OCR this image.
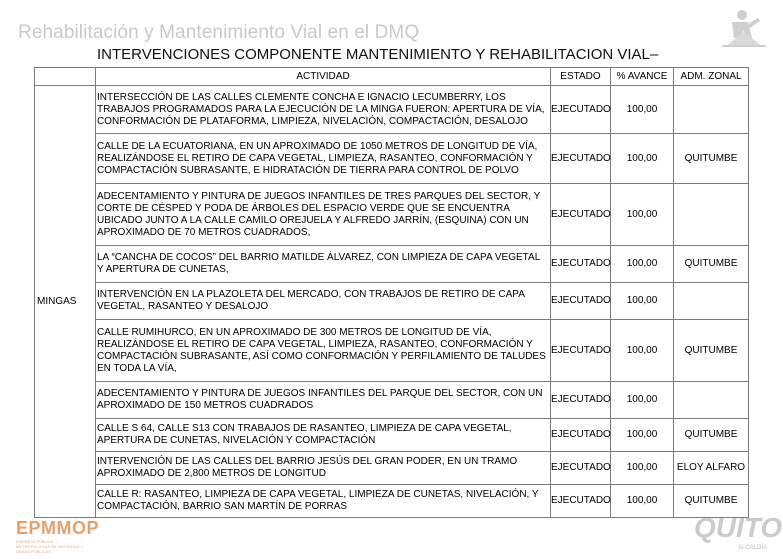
Rehabilitación y Mantenimiento Vial en el DMQ
INTERVENCIONES COMPONENTE MANTENIMIENTO Y REHABILITACION VIAL–
	ACTIVIDAD	ESTADO	% AVANCE	ADM. ZONAL
MINGAS	INTERSECCIÓN DE LAS CALLES CLEMENTE CONCHA E IGNACIO LECUMBERRY, LOS TRABAJOS PROGRAMADOS PARA LA EJECUCIÓN DE LA MINGA FUERON: APERTURA DE VÍA, CONFORMACIÓN DE PLATAFORMA, LIMPIEZA, NIVELACIÓN, COMPACTACIÓN, DESALOJO	EJECUTADO	100,00	
	CALLE DE LA ECUATORIANA, EN UN APROXIMADO DE 1050 METROS DE LONGITUD DE VÍA, REALIZÁNDOSE EL RETIRO DE CAPA VEGETAL, LIMPIEZA, RASANTEO, CONFORMACIÓN Y COMPACTACIÓN SUBRASANTE, E HIDRATACIÓN DE TIERRA PARA CONTROL DE POLVO	EJECUTADO	100,00	QUITUMBE
	ADECENTAMIENTO Y PINTURA DE JUEGOS INFANTILES DE TRES PARQUES DEL SECTOR, Y CORTE DE CÉSPED Y PODA DE ÁRBOLES DEL ESPACIO VERDE QUE SE ENCUENTRA UBICADO JUNTO A LA CALLE CAMILO OREJUELA Y ALFREDO JARRÍN, (ESQUINA) CON UN APROXIMADO DE 70 METROS CUADRADOS,	EJECUTADO	100,00	
	LA “CANCHA DE COCOS” DEL BARRIO MATILDE ÁLVAREZ, CON LIMPIEZA DE CAPA VEGETAL Y APERTURA DE CUNETAS,	EJECUTADO	100,00	QUITUMBE
	INTERVENCIÓN EN LA PLAZOLETA DEL MERCADO, CON TRABAJOS DE RETIRO DE CAPA VEGETAL, RASANTEO Y DESALOJO	EJECUTADO	100,00	
	CALLE RUMIHURCO, EN UN APROXIMADO DE 300 METROS DE LONGITUD DE VÍA, REALIZÁNDOSE EL RETIRO DE CAPA VEGETAL, LIMPIEZA, RASANTEO, CONFORMACIÓN Y COMPACTACIÓN SUBRASANTE, ASÍ COMO CONFORMACIÓN Y PERFILAMIENTO DE TALUDES EN TODA LA VÍA,	EJECUTADO	100,00	QUITUMBE
	ADECENTAMIENTO Y PINTURA DE JUEGOS INFANTILES DEL PARQUE DEL SECTOR, CON UN APROXIMADO DE 150 METROS CUADRADOS	EJECUTADO	100,00	
	CALLE S 64, CALLE S13 CON TRABAJOS DE RASANTEO, LIMPIEZA DE CAPA VEGETAL, APERTURA DE CUNETAS, NIVELACIÓN Y COMPACTACIÓN	EJECUTADO	100,00	QUITUMBE
	INTERVENCIÓN DE LAS CALLES DEL BARRIO JESÚS DEL GRAN PODER, EN UN TRAMO APROXIMADO DE 2,800 METROS DE LONGITUD	EJECUTADO	100,00	ELOY ALFARO
	CALLE R: RASANTEO, LIMPIEZA DE CAPA VEGETAL, LIMPIEZA DE CUNETAS, NIVELACIÓN, Y COMPACTACIÓN, BARRIO SAN MARTÍN DE PORRAS	EJECUTADO	100,00	QUITUMBE
EPMMOP
EMPRESA PÚBLICA METROPOLITANA DE MOVILIDAD Y OBRAS PÚBLICAS
QUITO
ALCALDÍA
